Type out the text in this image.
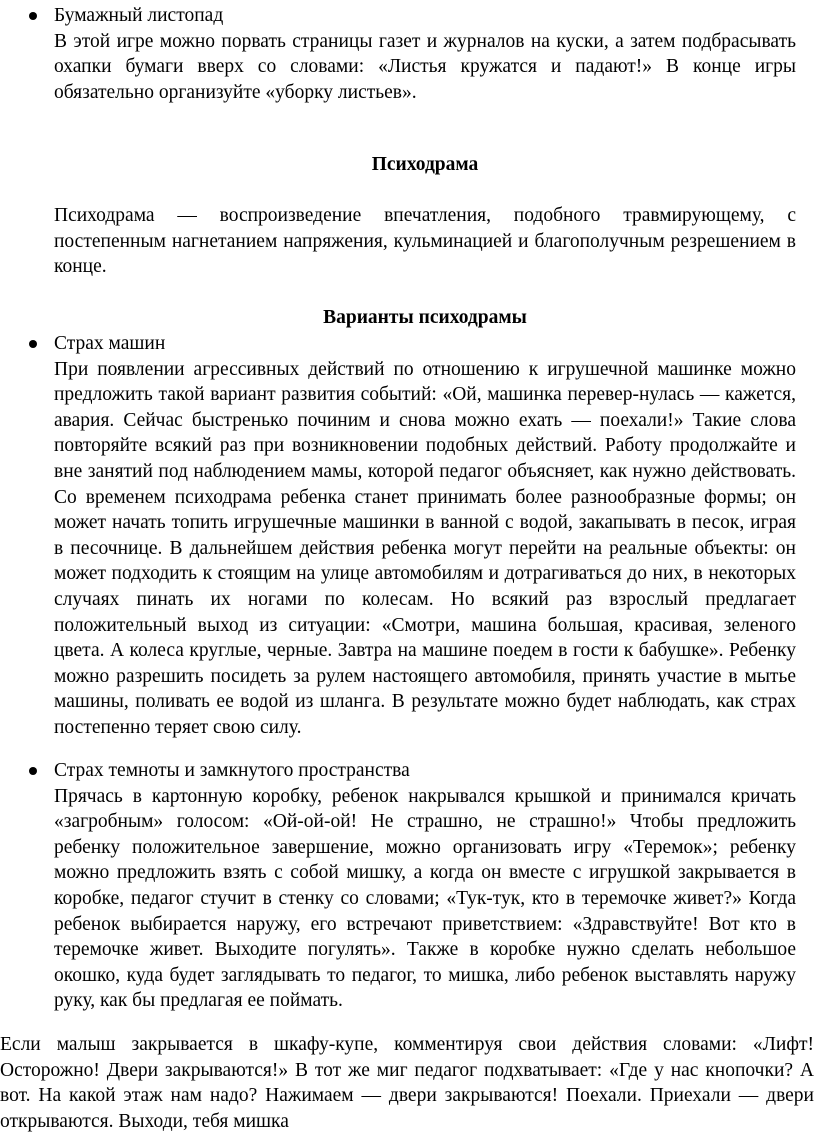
Бумажный листопад
В этой игре можно порвать страницы газет и журналов на куски, а затем подбрасывать охапки бумаги вверх со словами: «Листья кружатся и падают!» В конце игры обязательно организуйте «уборку листьев».
Психодрама
Психодрама — воспроизведение впечатления, подобного травмирующему, с постепенным нагнетанием напряжения, кульминацией и благополучным резрешением в конце.
Варианты психодрамы
Страх машин
При появлении агрессивных действий по отношению к игрушечной машинке можно предложить такой вариант развития событий: «Ой, машинка перевер-нулась — кажется, авария. Сейчас быстренько починим и снова можно ехать — поехали!» Такие слова повторяйте всякий раз при возникновении подобных действий. Работу продолжайте и вне занятий под наблюдением мамы, которой педагог объясняет, как нужно действовать. Со временем психодрама ребенка станет принимать более разнообразные формы; он может начать топить игрушечные машинки в ванной с водой, закапывать в песок, играя в песочнице. В дальнейшем действия ребенка могут перейти на реальные объекты: он может подходить к стоящим на улице автомобилям и дотрагиваться до них, в некоторых случаях пинать их ногами по колесам. Но всякий раз взрослый предлагает положительный выход из ситуации: «Смотри, машина большая, красивая, зеленого цвета. А колеса круглые, черные. Завтра на машине поедем в гости к бабушке». Ребенку можно разрешить посидеть за рулем настоящего автомобиля, принять участие в мытье машины, поливать ее водой из шланга. В результате можно будет наблюдать, как страх постепенно теряет свою силу.
Страх темноты и замкнутого пространства
Прячась в картонную коробку, ребенок накрывался крышкой и принимался кричать «загробным» голосом: «Ой-ой-ой! Не страшно, не страшно!» Чтобы предложить ребенку положительное завершение, можно организовать игру «Теремок»; ребенку можно предложить взять с собой мишку, а когда он вместе с игрушкой закрывается в коробке, педагог стучит в стенку со словами; «Тук-тук, кто в теремочке живет?» Когда ребенок выбирается наружу, его встречают приветствием: «Здравствуйте! Вот кто в теремочке живет. Выходите погулять». Также в коробке нужно сделать небольшое окошко, куда будет заглядывать то педагог, то мишка, либо ребенок выставлять наружу руку, как бы предлагая ее поймать.
Если малыш закрывается в шкафу-купе, комментируя свои действия словами: «Лифт! Осторожно! Двери закрываются!» В тот же миг педагог подхватывает: «Где у нас кнопочки? А вот. На какой этаж нам надо? Нажимаем — двери закрываются! Поехали. Приехали — двери открываются. Выходи, тебя мишка
